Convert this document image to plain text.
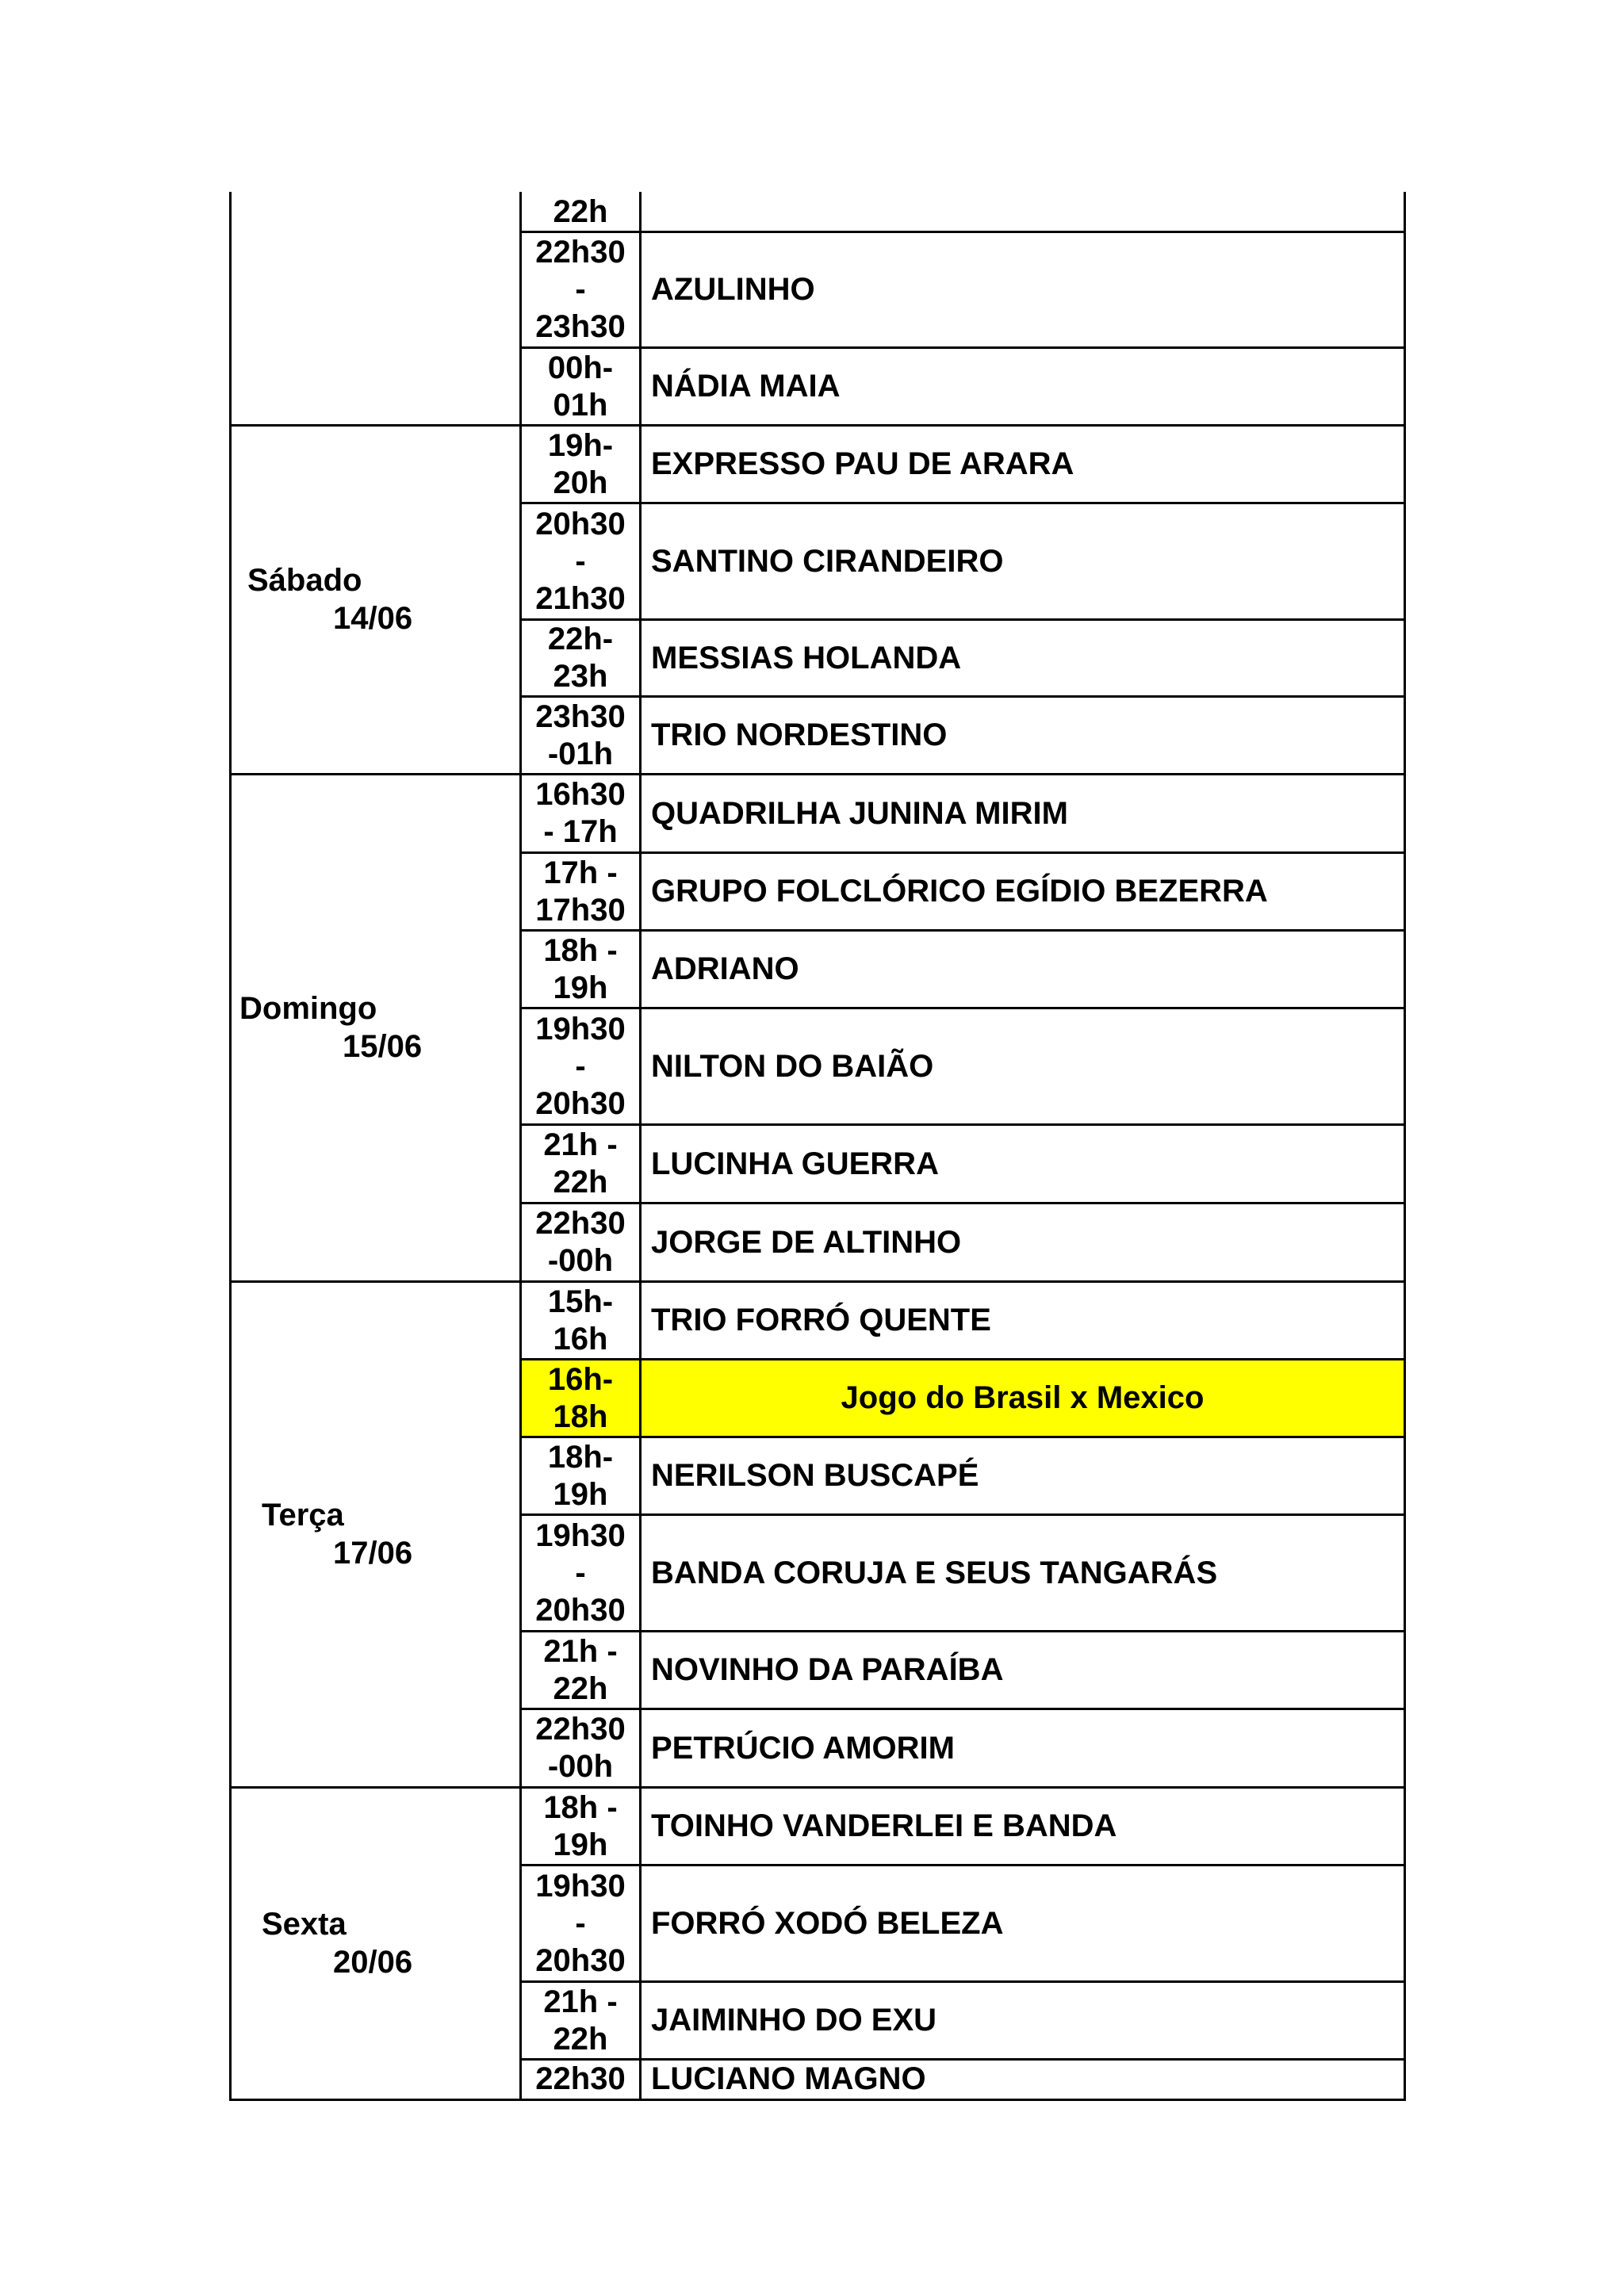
22h
22h30
-
23h30
AZULINHO
00h-
01h
NÁDIA MAIA
Sábado
14/06
19h-
20h
EXPRESSO PAU DE ARARA
20h30
-
21h30
SANTINO CIRANDEIRO
22h-
23h
MESSIAS HOLANDA
23h30
-01h
TRIO NORDESTINO
Domingo
15/06
16h30
- 17h
QUADRILHA JUNINA MIRIM
17h -
17h30
GRUPO FOLCLÓRICO EGÍDIO BEZERRA
18h -
19h
ADRIANO
19h30
-
20h30
NILTON DO BAIÃO
21h -
22h
LUCINHA GUERRA
22h30
-00h
JORGE DE ALTINHO
Terça
17/06
15h-
16h
TRIO FORRÓ QUENTE
16h-
18h
Jogo do Brasil x Mexico
18h-
19h
NERILSON BUSCAPÉ
19h30
-
20h30
BANDA CORUJA E SEUS TANGARÁS
21h -
22h
NOVINHO DA PARAÍBA
22h30
-00h
PETRÚCIO AMORIM
Sexta
20/06
18h -
19h
TOINHO VANDERLEI E BANDA
19h30
-
20h30
FORRÓ XODÓ BELEZA
21h -
22h
JAIMINHO DO EXU
22h30 LUCIANO MAGNO
